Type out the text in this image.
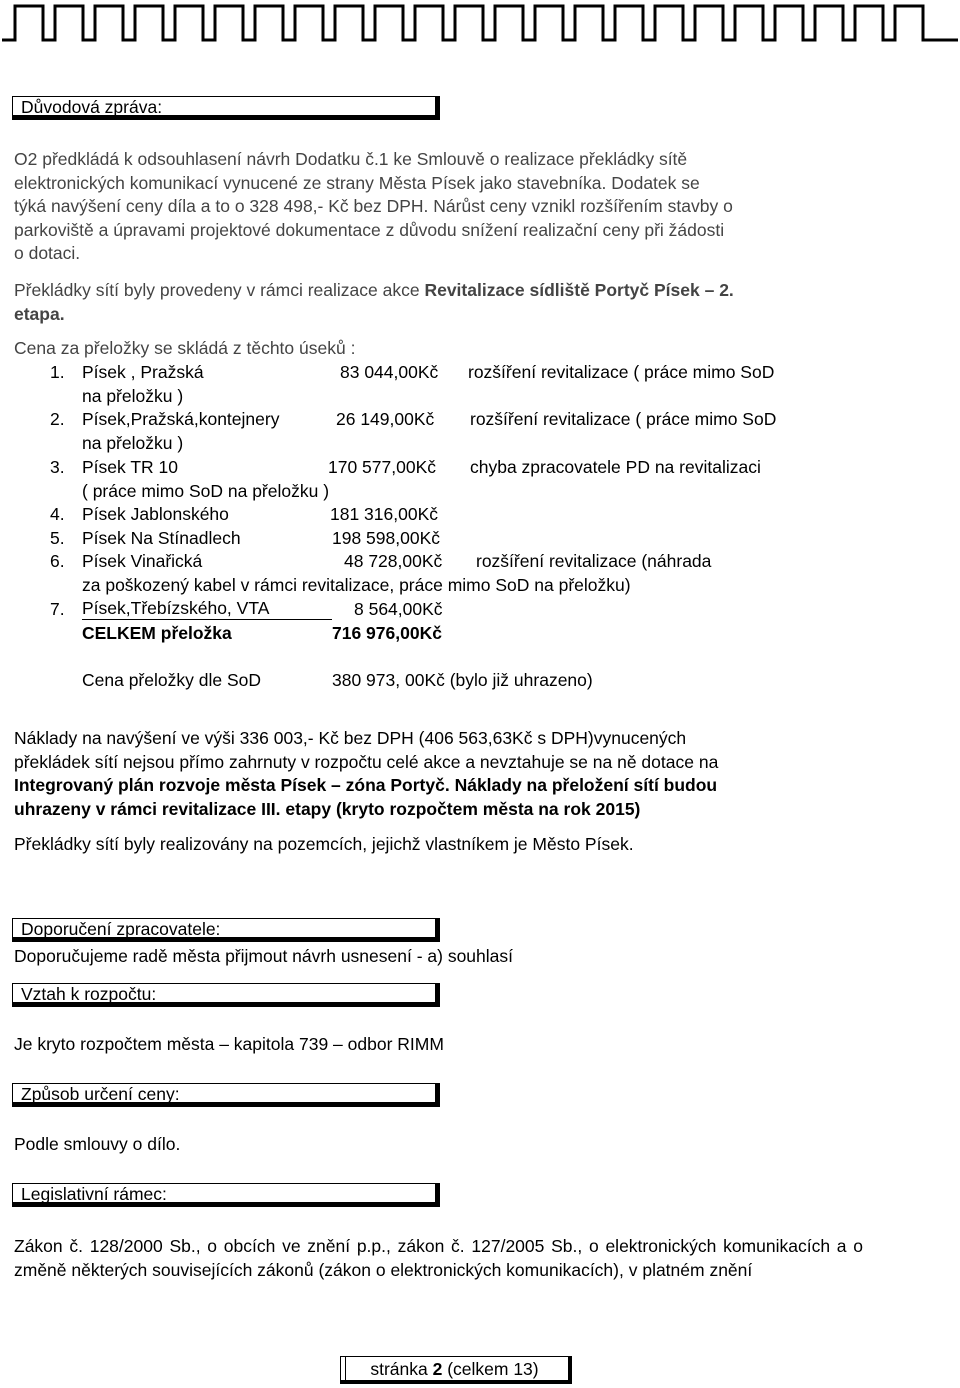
Důvodová zpráva:
O2 předkládá k odsouhlasení návrh Dodatku č.1 ke Smlouvě o realizace překládky sítě
elektronických komunikací vynucené ze strany Města Písek jako stavebníka. Dodatek se
týká navýšení ceny díla a to o 328 498,- Kč bez DPH. Nárůst ceny vznikl rozšířením stavby o
parkoviště a úpravami projektové dokumentace z důvodu snížení realizační ceny při žádosti
o dotaci.
Překládky sítí byly provedeny v rámci realizace akce Revitalizace sídliště Portyč Písek – 2.
etapa.
Cena za přeložky se skládá z těchto úseků :
1. Písek , Pražská	83 044,00Kč rozšíření revitalizace ( práce mimo SoD
na přeložku )
2. Písek,Pražská,kontejnery	26 149,00Kč rozšíření revitalizace ( práce mimo SoD
na přeložku )
3. Písek TR 10	170 577,00Kč chyba zpracovatele PD na revitalizaci
( práce mimo SoD na přeložku )
4. Písek Jablonského	181 316,00Kč
5. Písek Na Stínadlech	198 598,00Kč
6. Písek Vinařická	48 728,00Kč rozšíření revitalizace (náhrada
za poškozený kabel v rámci revitalizace, práce mimo SoD na přeložku)
7. Písek,Třebízského, VTA	8 564,00Kč
CELKEM přeložka	716 976,00Kč
Cena přeložky dle SoD	380 973, 00Kč (bylo již uhrazeno)
Náklady na navýšení ve výši 336 003,- Kč bez DPH (406 563,63Kč s DPH)vynucených
překládek sítí nejsou přímo zahrnuty v rozpočtu celé akce a nevztahuje se na ně dotace na
Integrovaný plán rozvoje města Písek – zóna Portyč. Náklady na přeložení sítí budou
uhrazeny v rámci revitalizace III. etapy (kryto rozpočtem města na rok 2015)
Překládky sítí byly realizovány na pozemcích, jejichž vlastníkem je Město Písek.
Doporučení zpracovatele:
Doporučujeme radě města přijmout návrh usnesení - a) souhlasí
Vztah k rozpočtu:
Je kryto rozpočtem města – kapitola 739 – odbor RIMM
Způsob určení ceny:
Podle smlouvy o dílo.
Legislativní rámec:
Zákon č. 128/2000 Sb., o obcích ve znění p.p., zákon č. 127/2005 Sb., o elektronických komunikacích a o změně některých souvisejících zákonů (zákon o elektronických komunikacích), v platném znění
stránka 2 (celkem 13)
